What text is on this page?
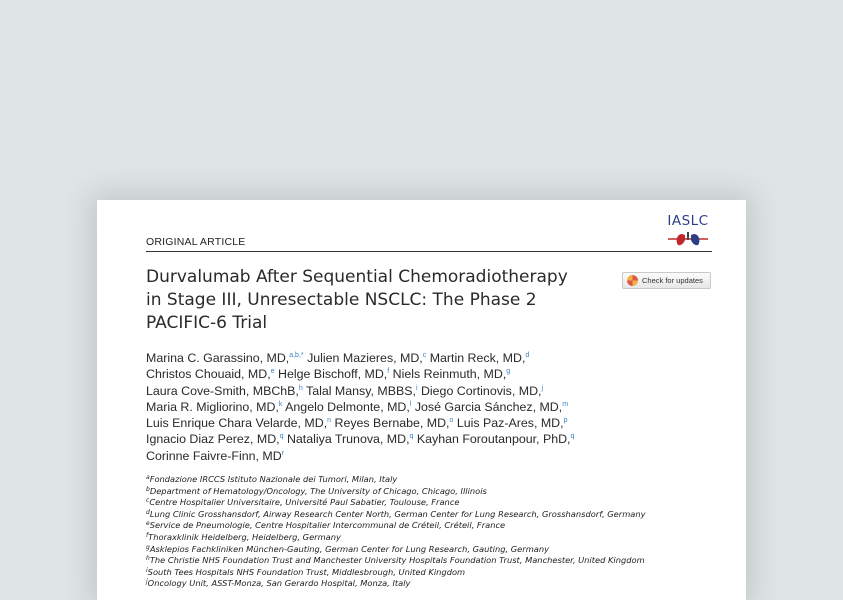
IASLC
ORIGINAL ARTICLE
Durvalumab After Sequential Chemoradiotherapy
in Stage III, Unresectable NSCLC: The Phase 2
PACIFIC-6 Trial
Check for updates
Marina C. Garassino, MD,$^{a,b,*}$ Julien Mazieres, MD,$^c$ Martin Reck, MD,$^d$
Christos Chouaid, MD,$^e$ Helge Bischoff, MD,$^f$ Niels Reinmuth, MD,$^g$
Laura Cove-Smith, MBChB,$^h$ Talal Mansy, MBBS,$^i$ Diego Cortinovis, MD,$^j$
Maria R. Migliorino, MD,$^k$ Angelo Delmonte, MD,$^l$ José Garcia Sánchez, MD,$^m$
Luis Enrique Chara Velarde, MD,$^n$ Reyes Bernabe, MD,$^o$ Luis Paz-Ares, MD,$^p$
Ignacio Diaz Perez, MD,$^q$ Nataliya Trunova, MD,$^q$ Kayhan Foroutanpour, PhD,$^q$
Corinne Faivre-Finn, $MD^r$
$^a$Fondazione IRCCS Istituto Nazionale dei Tumori, Milan, Italy
$^b$Department of Hematology/Oncology, The University of Chicago, Chicago, Illinois
$^c$Centre Hospitalier Universitaire, Université Paul Sabatier, Toulouse, France
$^d$Lung Clinic Grosshansdorf, Airway Research Center North, German Center for Lung Research, Grosshansdorf, Germany
$^e$Service de Pneumologie, Centre Hospitalier Intercommunal de Créteil, Créteil, France
$^f$Thoraxklinik Heidelberg, Heidelberg, Germany
$^g$Asklepios Fachkliniken München-Gauting, German Center for Lung Research, Gauting, Germany
$^h$The Christie NHS Foundation Trust and Manchester University Hospitals Foundation Trust, Manchester, United Kingdom
$^i$South Tees Hospitals NHS Foundation Trust, Middlesbrough, United Kingdom
$^j$Oncology Unit, ASST-Monza, San Gerardo Hospital, Monza, Italy
